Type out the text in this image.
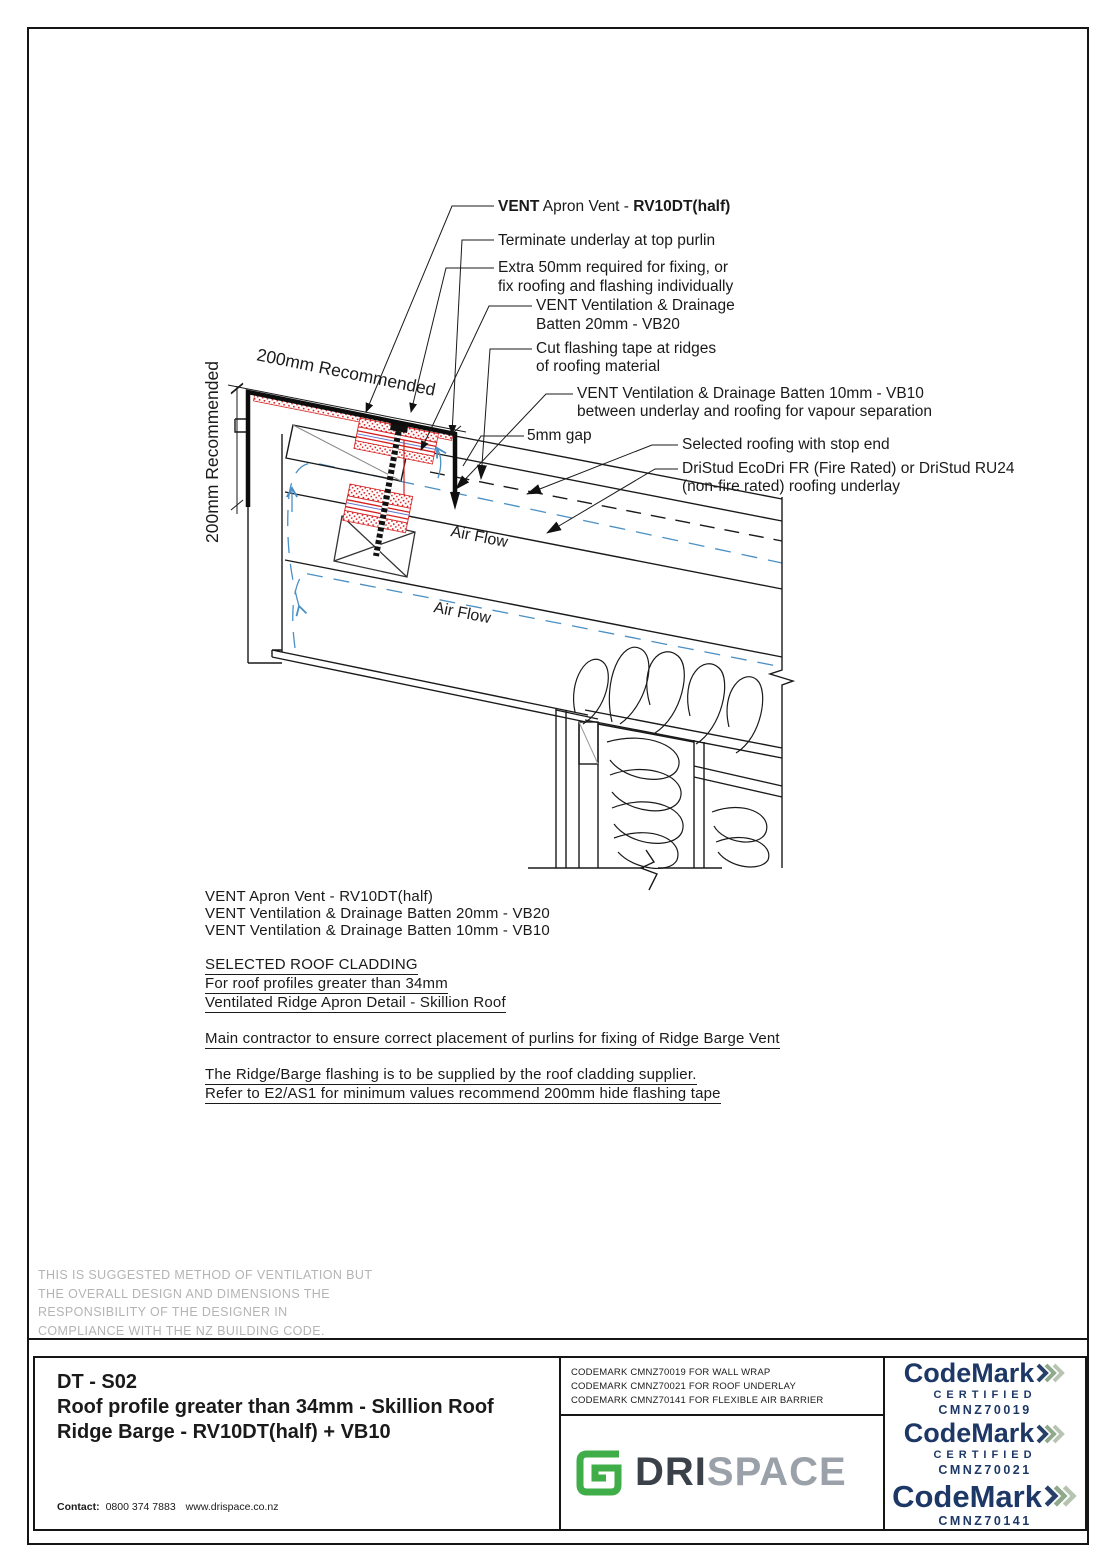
200mm Recommended
200mm Recommended
VENT Apron Vent - RV10DT(half)
Terminate underlay at top purlin
Extra 50mm required for fixing, or
fix roofing and flashing individually
VENT Ventilation & Drainage
Batten 20mm - VB20
Cut flashing tape at ridges
of roofing material
VENT Ventilation & Drainage Batten 10mm - VB10
between underlay and roofing for vapour separation
5mm gap
Selected roofing with stop end
DriStud EcoDri FR (Fire Rated) or DriStud RU24
(non-fire rated) roofing underlay
Air Flow
Air Flow
VENT Apron Vent - RV10DT(half)
VENT Ventilation & Drainage Batten 20mm - VB20
VENT Ventilation & Drainage Batten 10mm - VB10
SELECTED ROOF CLADDING
For roof profiles greater than 34mm
Ventilated Ridge Apron Detail - Skillion Roof
Main contractor to ensure correct placement of purlins for fixing of Ridge Barge Vent
The Ridge/Barge flashing is to be supplied by the roof cladding supplier.
Refer to E2/AS1 for minimum values recommend 200mm hide flashing tape
THIS IS SUGGESTED METHOD OF VENTILATION BUT
THE OVERALL DESIGN AND DIMENSIONS THE
RESPONSIBILITY OF THE DESIGNER IN
COMPLIANCE WITH THE NZ BUILDING CODE.
DT - S02
Roof profile greater than 34mm - Skillion Roof
Ridge Barge - RV10DT(half) + VB10
Contact: 0800 374 7883 www.drispace.co.nz
CODEMARK CMNZ70019 FOR WALL WRAP
CODEMARK CMNZ70021 FOR ROOF UNDERLAY
CODEMARK CMNZ70141 FOR FLEXIBLE AIR BARRIER
DRISPACE
CodeMark
CERTIFIED
CMNZ70019
CodeMark
CERTIFIED
CMNZ70021
CodeMark
CMNZ70141
